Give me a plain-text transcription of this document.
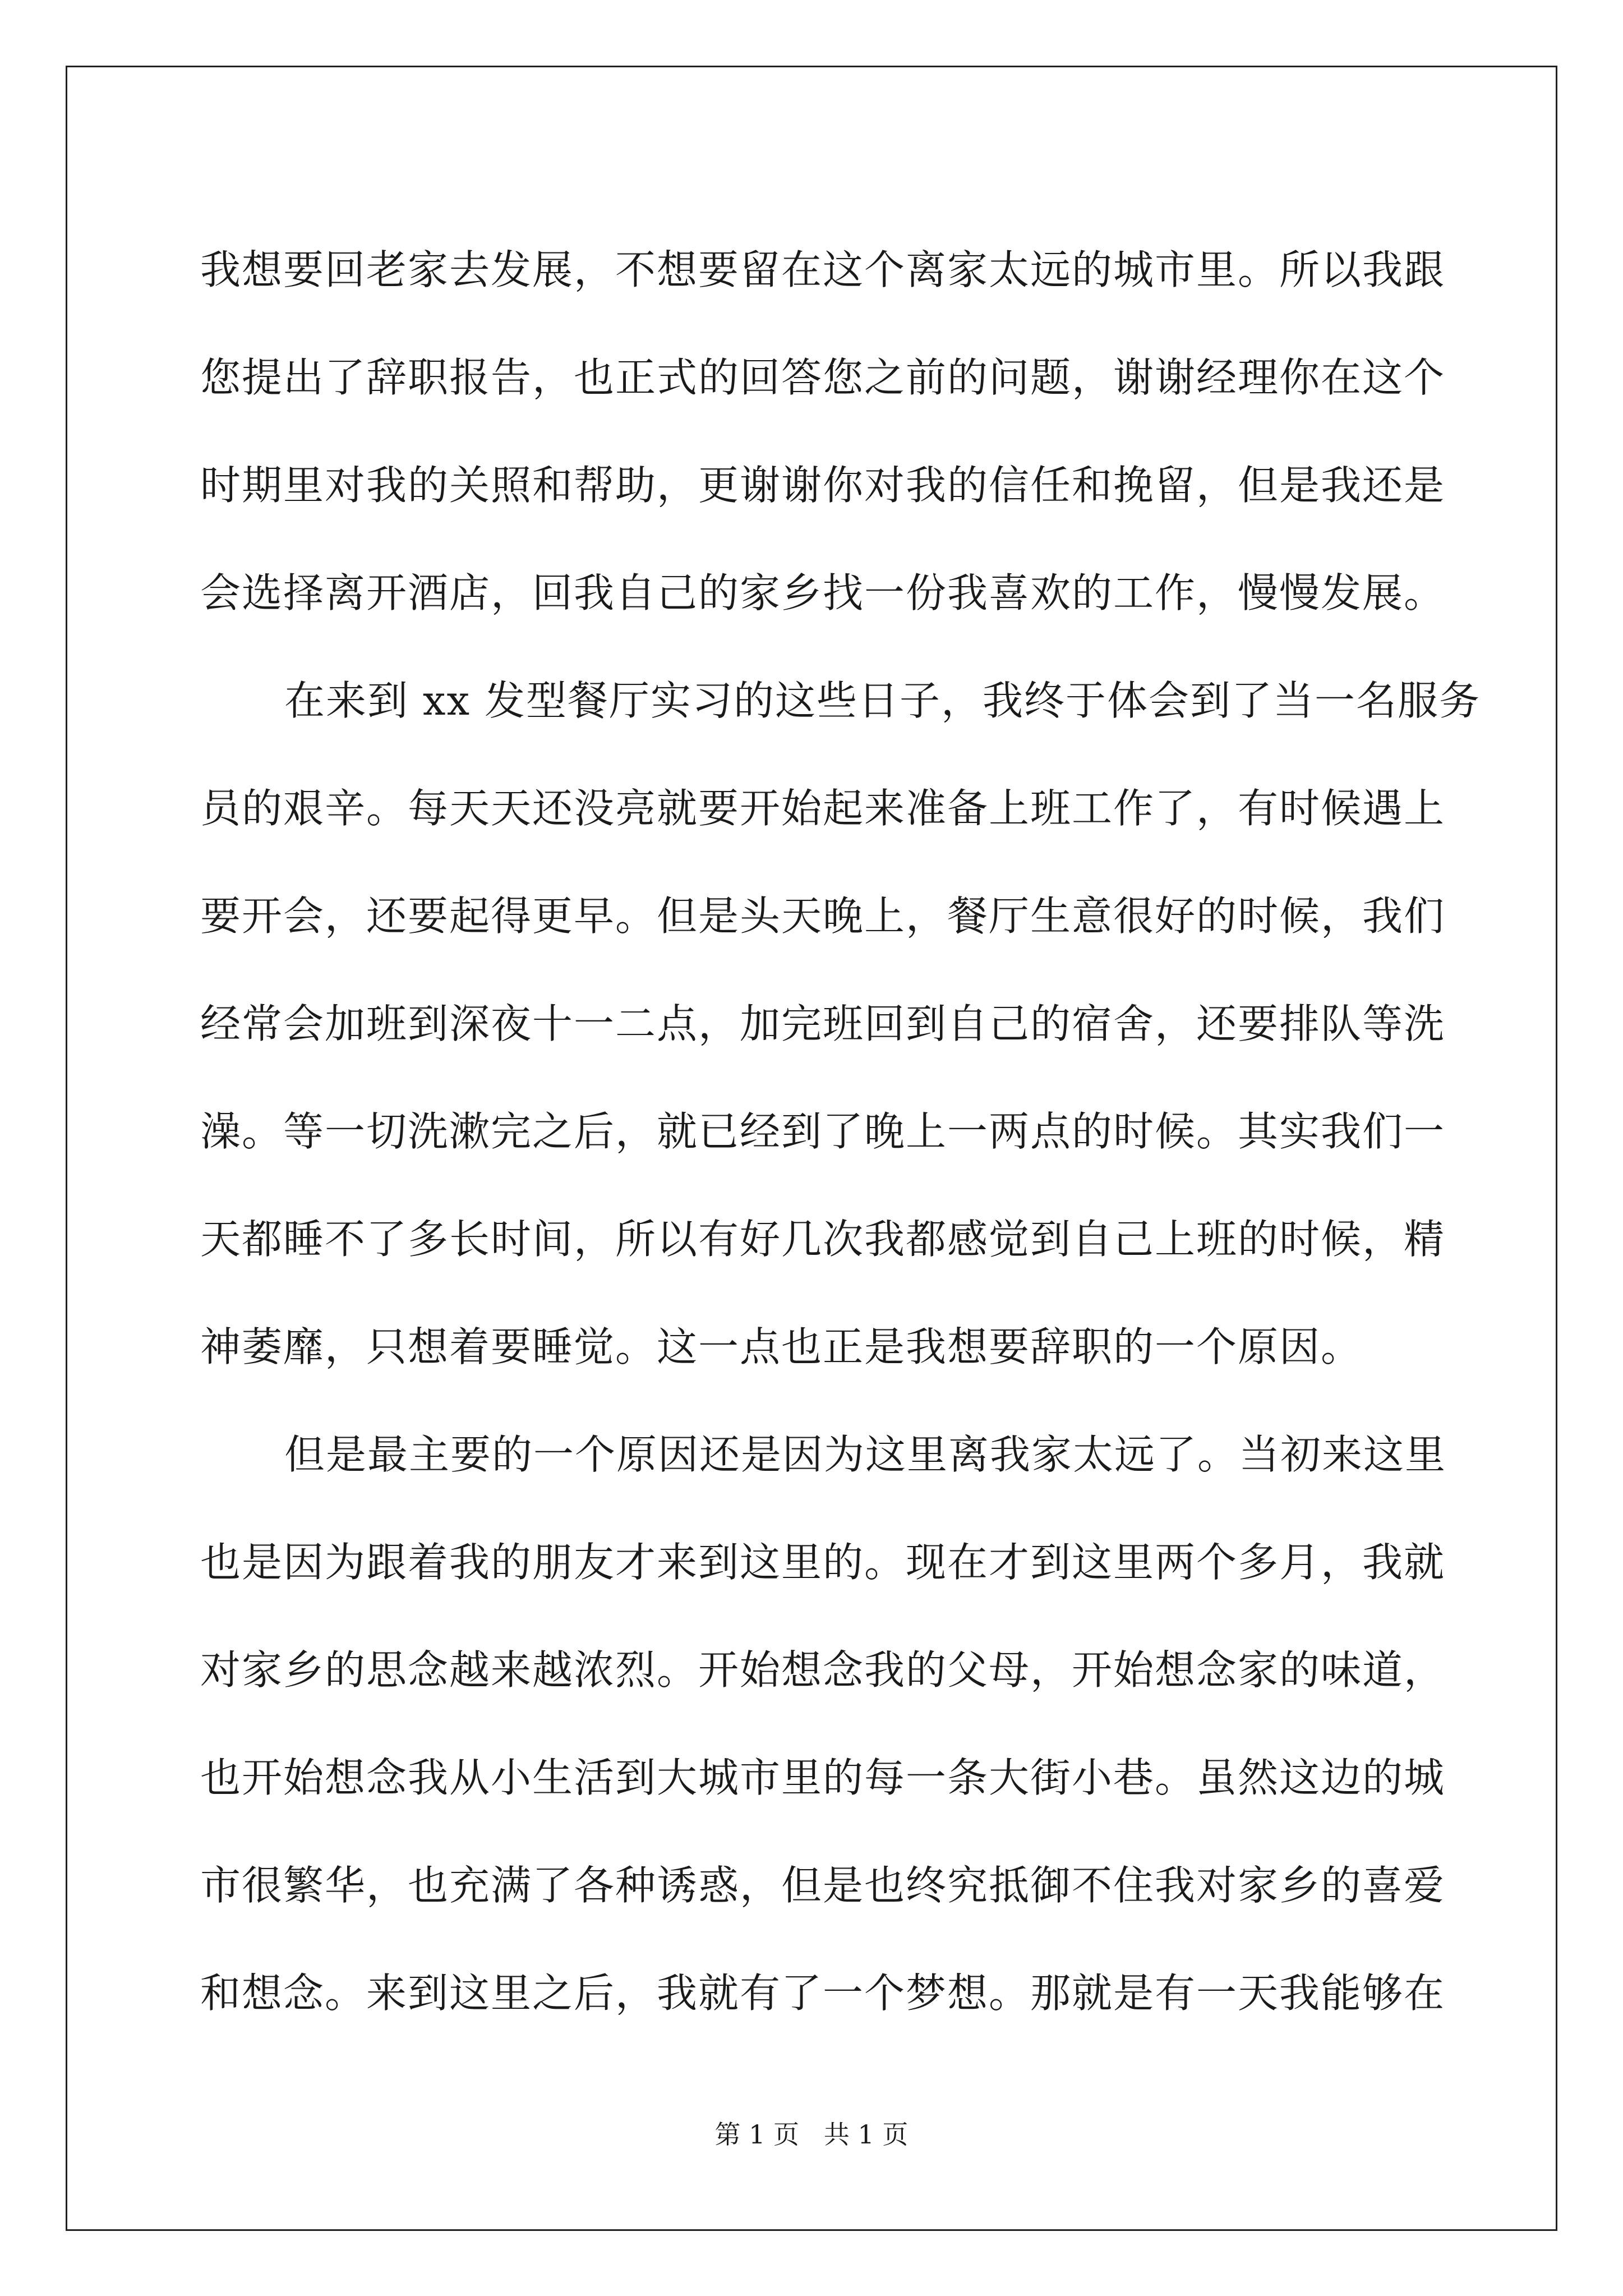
我想要回老家去发展，不想要留在这个离家太远的城市里。所以我跟
您提出了辞职报告，也正式的回答您之前的问题，谢谢经理你在这个
时期里对我的关照和帮助，更谢谢你对我的信任和挽留，但是我还是
会选择离开酒店，回我自己的家乡找一份我喜欢的工作，慢慢发展。
在来到 xx 发型餐厅实习的这些日子，我终于体会到了当一名服务
员的艰辛。每天天还没亮就要开始起来准备上班工作了，有时候遇上
要开会，还要起得更早。但是头天晚上，餐厅生意很好的时候，我们
经常会加班到深夜十一二点，加完班回到自己的宿舍，还要排队等洗
澡。等一切洗漱完之后，就已经到了晚上一两点的时候。其实我们一
天都睡不了多长时间，所以有好几次我都感觉到自己上班的时候，精
神萎靡，只想着要睡觉。这一点也正是我想要辞职的一个原因。
但是最主要的一个原因还是因为这里离我家太远了。当初来这里
也是因为跟着我的朋友才来到这里的。现在才到这里两个多月，我就
对家乡的思念越来越浓烈。开始想念我的父母，开始想念家的味道，
也开始想念我从小生活到大城市里的每一条大街小巷。虽然这边的城
市很繁华，也充满了各种诱惑，但是也终究抵御不住我对家乡的喜爱
和想念。来到这里之后，我就有了一个梦想。那就是有一天我能够在
第 1 页   共 1 页
